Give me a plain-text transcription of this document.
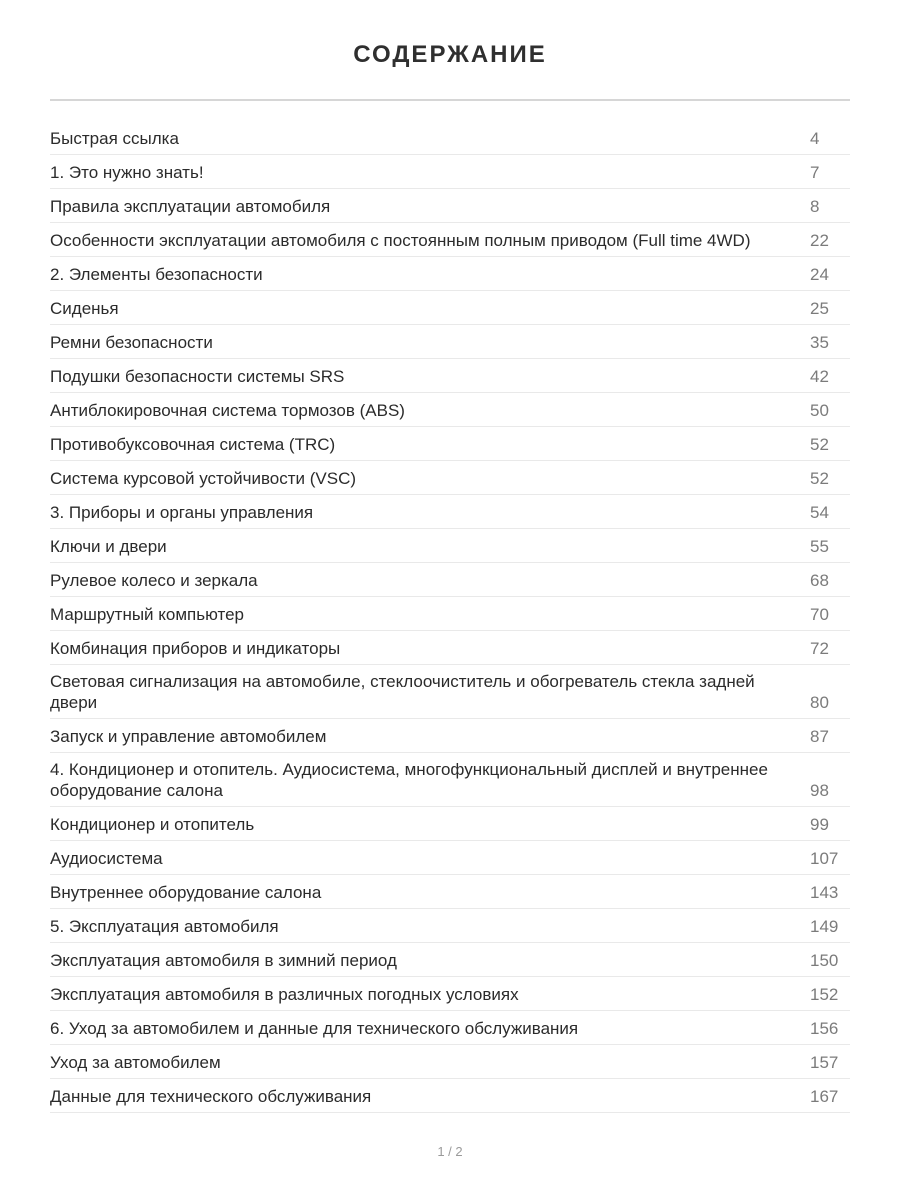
СОДЕРЖАНИЕ
Быстрая ссылка	4
1. Это нужно знать!	7
Правила эксплуатации автомобиля	8
Особенности эксплуатации автомобиля с постоянным полным приводом (Full time 4WD)	22
2. Элементы безопасности	24
Сиденья	25
Ремни безопасности	35
Подушки безопасности системы SRS	42
Антиблокировочная система тормозов (ABS)	50
Противобуксовочная система (TRC)	52
Система курсовой устойчивости (VSC)	52
3. Приборы и органы управления	54
Ключи и двери	55
Рулевое колесо и зеркала	68
Маршрутный компьютер	70
Комбинация приборов и индикаторы	72
Световая сигнализация на автомобиле, стеклоочиститель и обогреватель стекла задней двери	80
Запуск и управление автомобилем	87
4. Кондиционер и отопитель. Аудиосистема, многофункциональный дисплей и внутреннее оборудование салона	98
Кондиционер и отопитель	99
Аудиосистема	107
Внутреннее оборудование салона	143
5. Эксплуатация автомобиля	149
Эксплуатация автомобиля в зимний период	150
Эксплуатация автомобиля в различных погодных условиях	152
6. Уход за автомобилем и данные для технического обслуживания	156
Уход за автомобилем	157
Данные для технического обслуживания	167
1 / 2
